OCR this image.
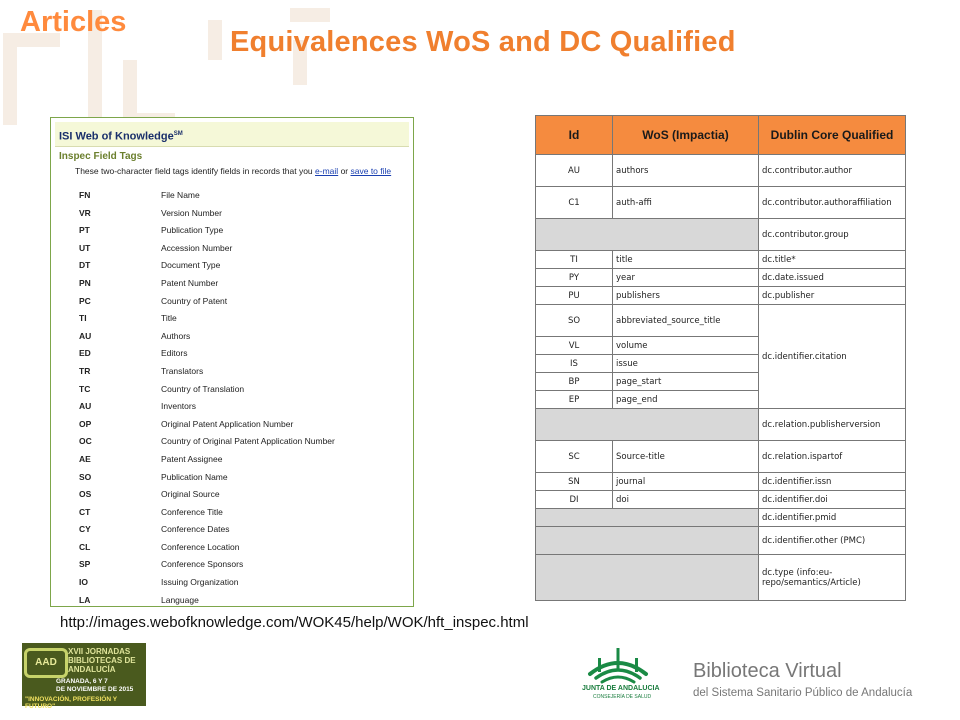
Articles
Equivalences WoS and DC Qualified
ISI Web of Knowledge℠
Inspec Field Tags
These two-character field tags identify fields in records that you e-mail or save to file
FN	File Name
VR	Version Number
PT	Publication Type
UT	Accession Number
DT	Document Type
PN	Patent Number
PC	Country of Patent
TI	Title
AU	Authors
ED	Editors
TR	Translators
TC	Country of Translation
AU	Inventors
OP	Original Patent Application Number
OC	Country of Original Patent Application Number
AE	Patent Assignee
SO	Publication Name
OS	Original Source
CT	Conference Title
CY	Conference Dates
CL	Conference Location
SP	Conference Sponsors
IO	Issuing Organization
LA	Language
Id	WoS (Impactia)	Dublin Core Qualified
AU	authors	dc.contributor.author
C1	auth-affi	dc.contributor.authoraffiliation
		dc.contributor.group
TI	title	dc.title*
PY	year	dc.date.issued
PU	publishers	dc.publisher
SO	abbreviated_source_title	dc.identifier.citation
VL	volume	
IS	issue	
BP	page_start	
EP	page_end	
		dc.relation.publisherversion
SC	Source-title	dc.relation.ispartof
SN	journal	dc.identifier.issn
DI	doi	dc.identifier.doi
		dc.identifier.pmid
		dc.identifier.other (PMC)
		dc.type (info:eu-repo/semantics/Article)
http://images.webofknowledge.com/WOK45/help/WOK/hft_inspec.html
AAD
XVII JORNADAS
BIBLIOTECAS DE
ANDALUCÍA
GRANADA, 6 Y 7
DE NOVIEMBRE DE 2015
"INNOVACIÓN, PROFESIÓN Y FUTURO"
JUNTA DE ANDALUCIA
CONSEJERÍA DE SALUD
Biblioteca Virtual
del Sistema Sanitario Público de Andalucía
